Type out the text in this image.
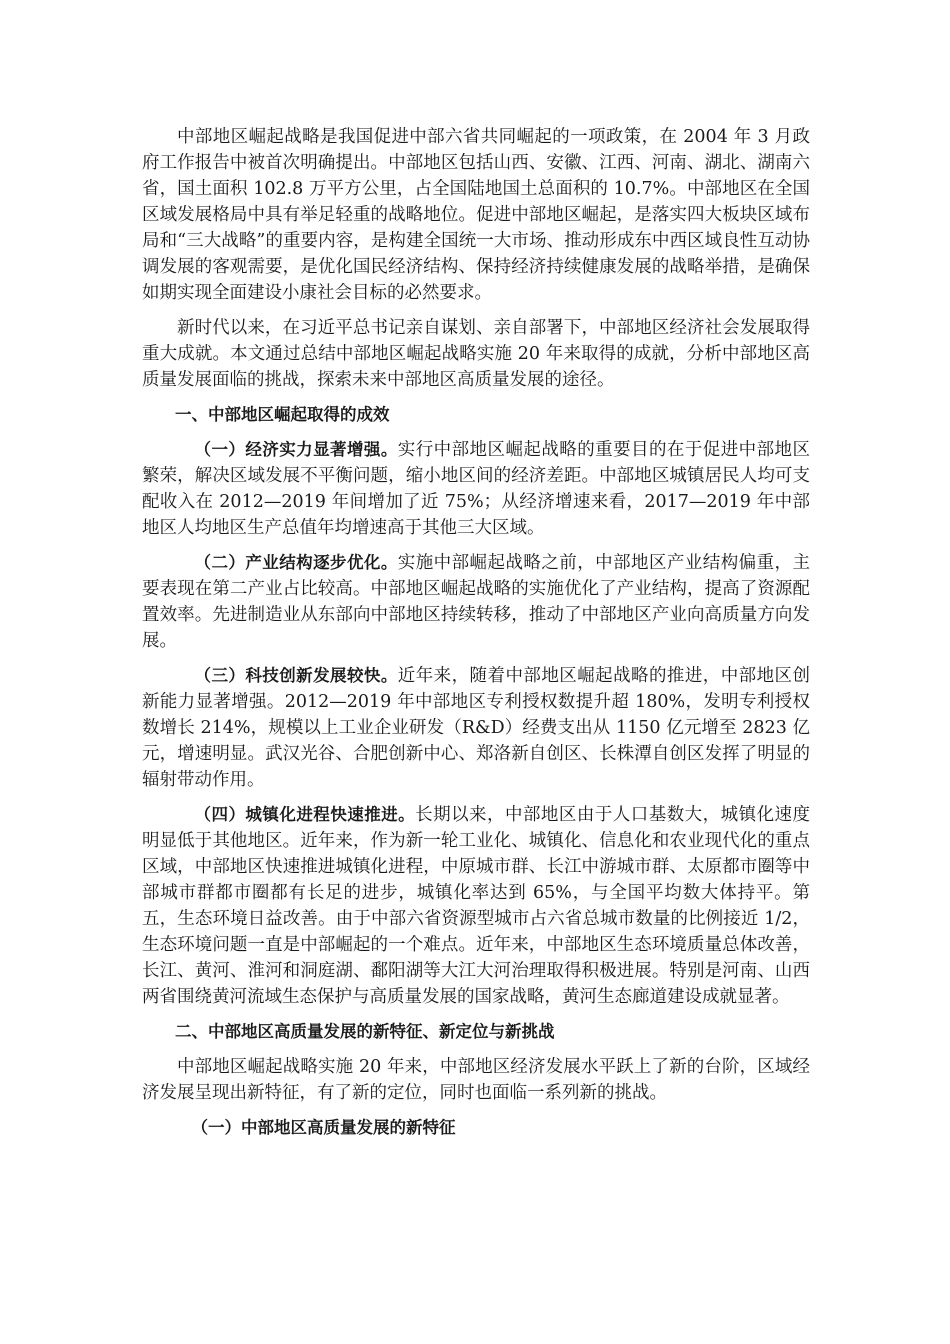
中部地区崛起战略是我国促进中部六省共同崛起的一项政策，在 2004 年 3 月政府工作报告中被首次明确提出。中部地区包括山西、安徽、江西、河南、湖北、湖南六省，国土面积 102.8 万平方公里，占全国陆地国土总面积的 10.7%。中部地区在全国区域发展格局中具有举足轻重的战略地位。促进中部地区崛起，是落实四大板块区域布局和“三大战略”的重要内容，是构建全国统一大市场、推动形成东中西区域良性互动协调发展的客观需要，是优化国民经济结构、保持经济持续健康发展的战略举措，是确保如期实现全面建设小康社会目标的必然要求。

新时代以来，在习近平总书记亲自谋划、亲自部署下，中部地区经济社会发展取得重大成就。本文通过总结中部地区崛起战略实施 20 年来取得的成就，分析中部地区高质量发展面临的挑战，探索未来中部地区高质量发展的途径。

一、中部地区崛起取得的成效

（一）经济实力显著增强。实行中部地区崛起战略的重要目的在于促进中部地区繁荣，解决区域发展不平衡问题，缩小地区间的经济差距。中部地区城镇居民人均可支配收入在 2012—2019 年间增加了近 75%；从经济增速来看，2017—2019 年中部地区人均地区生产总值年均增速高于其他三大区域。

（二）产业结构逐步优化。实施中部崛起战略之前，中部地区产业结构偏重，主要表现在第二产业占比较高。中部地区崛起战略的实施优化了产业结构，提高了资源配置效率。先进制造业从东部向中部地区持续转移，推动了中部地区产业向高质量方向发展。

（三）科技创新发展较快。近年来，随着中部地区崛起战略的推进，中部地区创新能力显著增强。2012—2019 年中部地区专利授权数提升超 180%，发明专利授权数增长 214%，规模以上工业企业研发（R&D）经费支出从 1150 亿元增至 2823 亿元，增速明显。武汉光谷、合肥创新中心、郑洛新自创区、长株潭自创区发挥了明显的辐射带动作用。

（四）城镇化进程快速推进。长期以来，中部地区由于人口基数大，城镇化速度明显低于其他地区。近年来，作为新一轮工业化、城镇化、信息化和农业现代化的重点区域，中部地区快速推进城镇化进程，中原城市群、长江中游城市群、太原都市圈等中部城市群都市圈都有长足的进步，城镇化率达到 65%，与全国平均数大体持平。第五，生态环境日益改善。由于中部六省资源型城市占六省总城市数量的比例接近 1/2，生态环境问题一直是中部崛起的一个难点。近年来，中部地区生态环境质量总体改善，长江、黄河、淮河和洞庭湖、鄱阳湖等大江大河治理取得积极进展。特别是河南、山西两省围绕黄河流域生态保护与高质量发展的国家战略，黄河生态廊道建设成就显著。

二、中部地区高质量发展的新特征、新定位与新挑战

中部地区崛起战略实施 20 年来，中部地区经济发展水平跃上了新的台阶，区域经济发展呈现出新特征，有了新的定位，同时也面临一系列新的挑战。

（一）中部地区高质量发展的新特征
